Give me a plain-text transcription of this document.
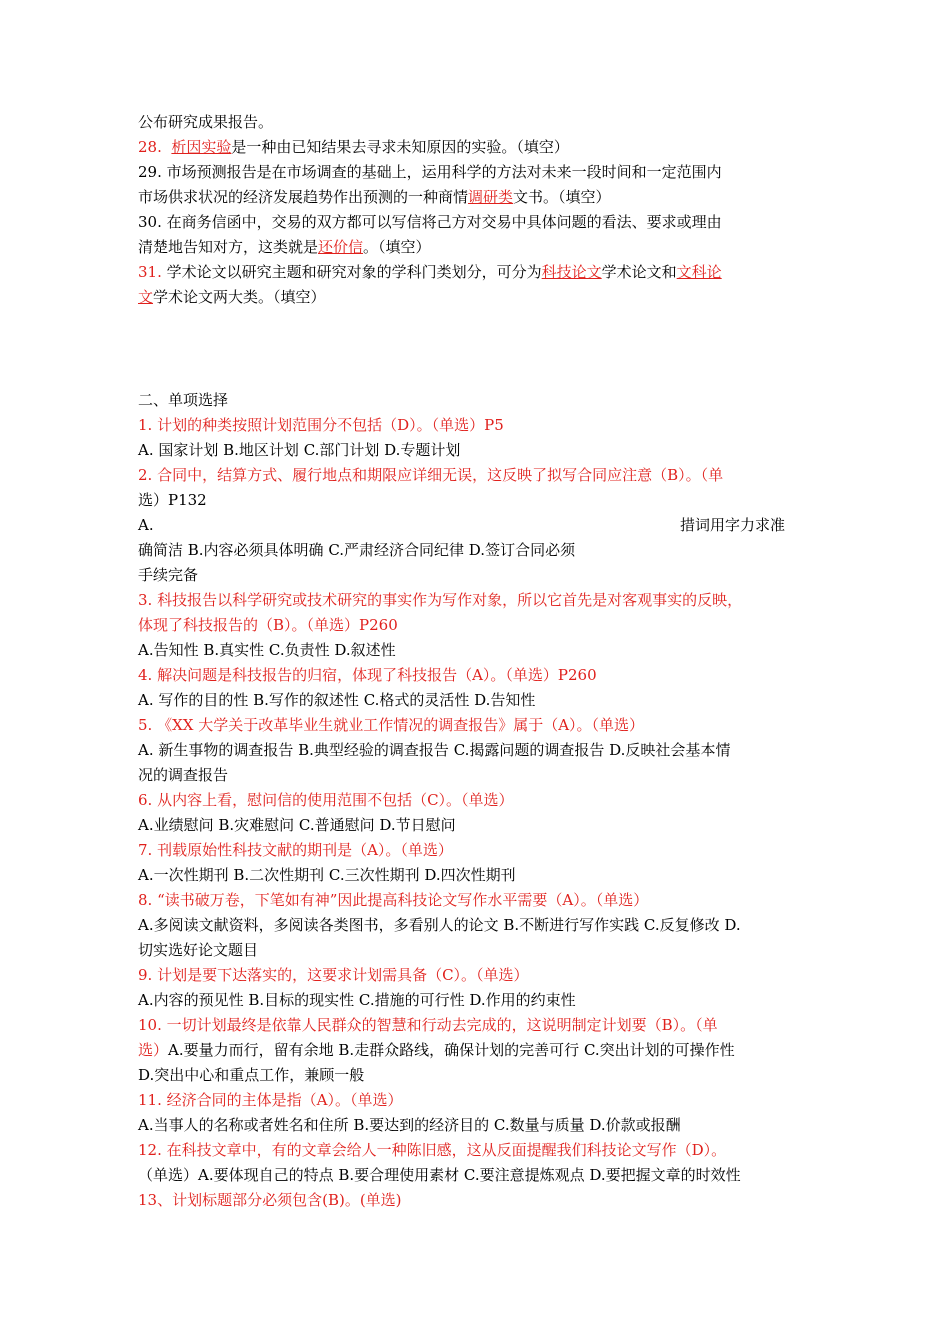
公布研究成果报告。
28. 析因实验是一种由已知结果去寻求未知原因的实验。（填空）
29. 市场预测报告是在市场调查的基础上，运用科学的方法对未来一段时间和一定范围内
市场供求状况的经济发展趋势作出预测的一种商情调研类文书。（填空）
30. 在商务信函中，交易的双方都可以写信将己方对交易中具体问题的看法、要求或理由
清楚地告知对方，这类就是还价信。（填空）
31. 学术论文以研究主题和研究对象的学科门类划分，可分为科技论文学术论文和文科论
文学术论文两大类。（填空）
二、单项选择
1. 计划的种类按照计划范围分不包括（D）。（单选）P5
A. 国家计划 B.地区计划 C.部门计划 D.专题计划
2. 合同中，结算方式、履行地点和期限应详细无误，这反映了拟写合同应注意（B）。（单
选）P132
A.	措词用字力求准
确简洁 B.内容必须具体明确 C.严肃经济合同纪律 D.签订合同必须
手续完备
3. 科技报告以科学研究或技术研究的事实作为写作对象，所以它首先是对客观事实的反映，
体现了科技报告的（B）。（单选）P260
A.告知性 B.真实性 C.负责性 D.叙述性
4. 解决问题是科技报告的归宿，体现了科技报告（A）。（单选）P260
A. 写作的目的性 B.写作的叙述性 C.格式的灵活性 D.告知性
5. 《XX 大学关于改革毕业生就业工作情况的调查报告》属于（A）。（单选）
A. 新生事物的调查报告 B.典型经验的调查报告 C.揭露问题的调查报告 D.反映社会基本情
况的调查报告
6. 从内容上看，慰问信的使用范围不包括（C）。（单选）
A.业绩慰问 B.灾难慰问 C.普通慰问 D.节日慰问
7. 刊载原始性科技文献的期刊是（A）。（单选）
A.一次性期刊 B.二次性期刊 C.三次性期刊 D.四次性期刊
8. “读书破万卷，下笔如有神”因此提高科技论文写作水平需要（A）。（单选）
A.多阅读文献资料，多阅读各类图书，多看别人的论文 B.不断进行写作实践 C.反复修改 D.
切实选好论文题目
9. 计划是要下达落实的，这要求计划需具备（C）。（单选）
A.内容的预见性 B.目标的现实性 C.措施的可行性 D.作用的约束性
10. 一切计划最终是依靠人民群众的智慧和行动去完成的，这说明制定计划要（B）。（单
选）A.要量力而行，留有余地 B.走群众路线，确保计划的完善可行 C.突出计划的可操作性
D.突出中心和重点工作，兼顾一般
11. 经济合同的主体是指（A）。（单选）
A.当事人的名称或者姓名和住所 B.要达到的经济目的 C.数量与质量 D.价款或报酬
12. 在科技文章中，有的文章会给人一种陈旧感，这从反面提醒我们科技论文写作（D）。
（单选）A.要体现自己的特点 B.要合理使用素材 C.要注意提炼观点 D.要把握文章的时效性
13、计划标题部分必须包含(B)。(单选)
